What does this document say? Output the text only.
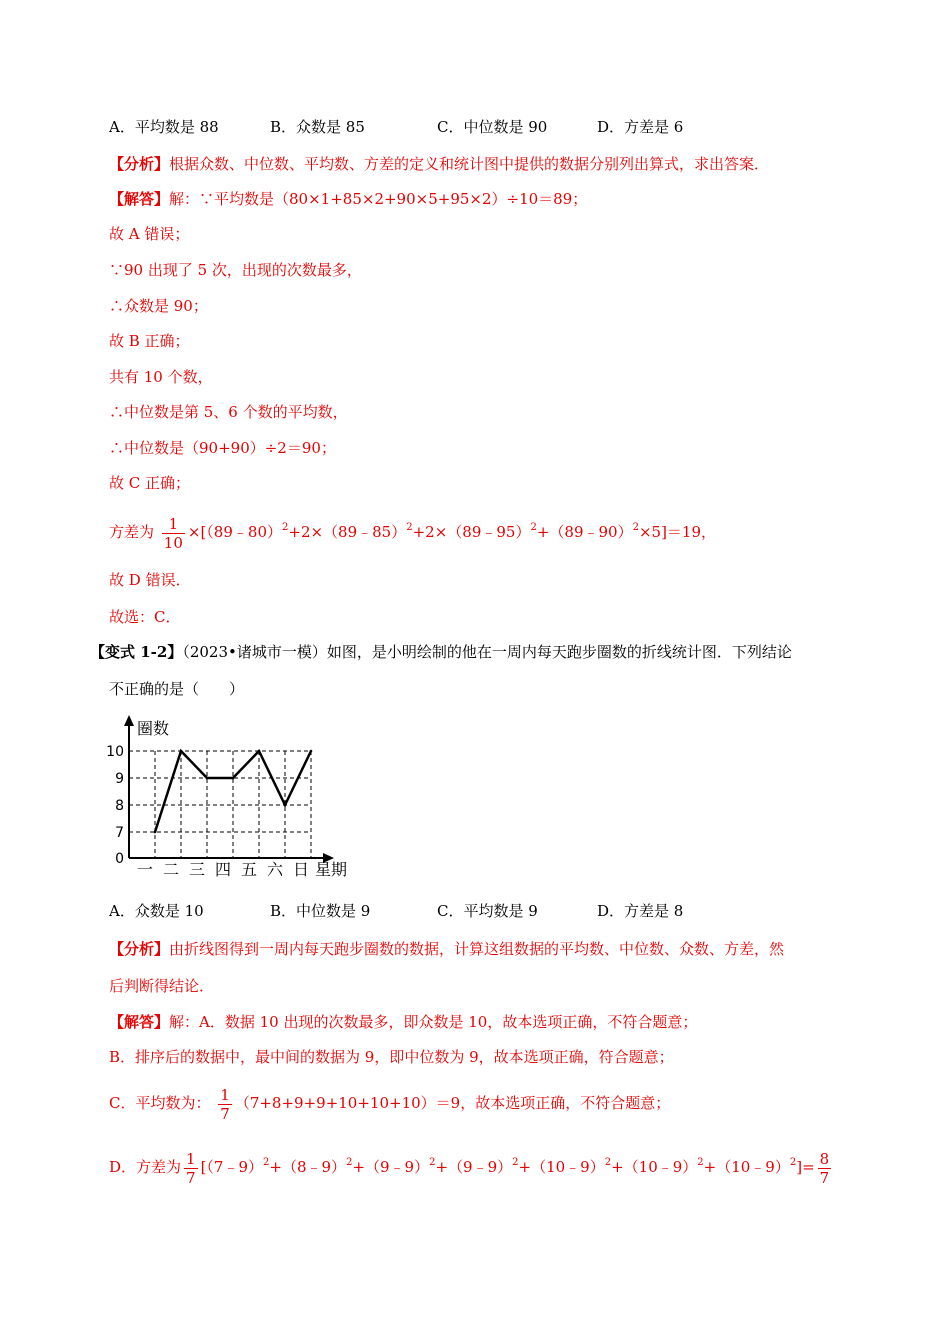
A．平均数是 88	B．众数是 85	C．中位数是 90	D．方差是 6
【分析】根据众数、中位数、平均数、方差的定义和统计图中提供的数据分别列出算式，求出答案．
【解答】解：∵平均数是（80×1+85×2+90×5+95×2）÷10＝89；
故 A 错误；
∵90 出现了 5 次，出现的次数最多，
∴众数是 90；
故 B 正确；
共有 10 个数，
∴中位数是第 5、6 个数的平均数，
∴中位数是（90+90）÷2＝90；
故 C 正确；
方差为 $\frac{1}{10}$ ×[（89﹣80）$^2$+2×（89﹣85）$^2$+2×（89﹣95）$^2$+（89﹣90）$^2$×5]＝19，
故 D 错误．
故选：C．
【变式 1-2】（2023•诸城市一模）如图，是小明绘制的他在一周内每天跑步圈数的折线统计图．下列结论
不正确的是（　　）
圈数
星期
0
7
8
9
10
一 二 三 四 五 六 日
A．众数是 10	B．中位数是 9	C．平均数是 9	D．方差是 8
【分析】由折线图得到一周内每天跑步圈数的数据，计算这组数据的平均数、中位数、众数、方差，然
后判断得结论．
【解答】解：A．数据 10 出现的次数最多，即众数是 10，故本选项正确，不符合题意；
B．排序后的数据中，最中间的数据为 9，即中位数为 9，故本选项正确，符合题意；
C．平均数为： $\frac{1}{7} (7+8+9+9+10+10+10)=9$，故本选项正确，不符合题意；
D．方差为 $\frac{1}{7}$ [（7﹣9）$^2$+（8﹣9）$^2$+（9﹣9）$^2$+（9﹣9）$^2$+（10﹣9）$^2$+（10﹣9）$^2$+（10﹣9）$^2$]= $\frac{8}{7}$
